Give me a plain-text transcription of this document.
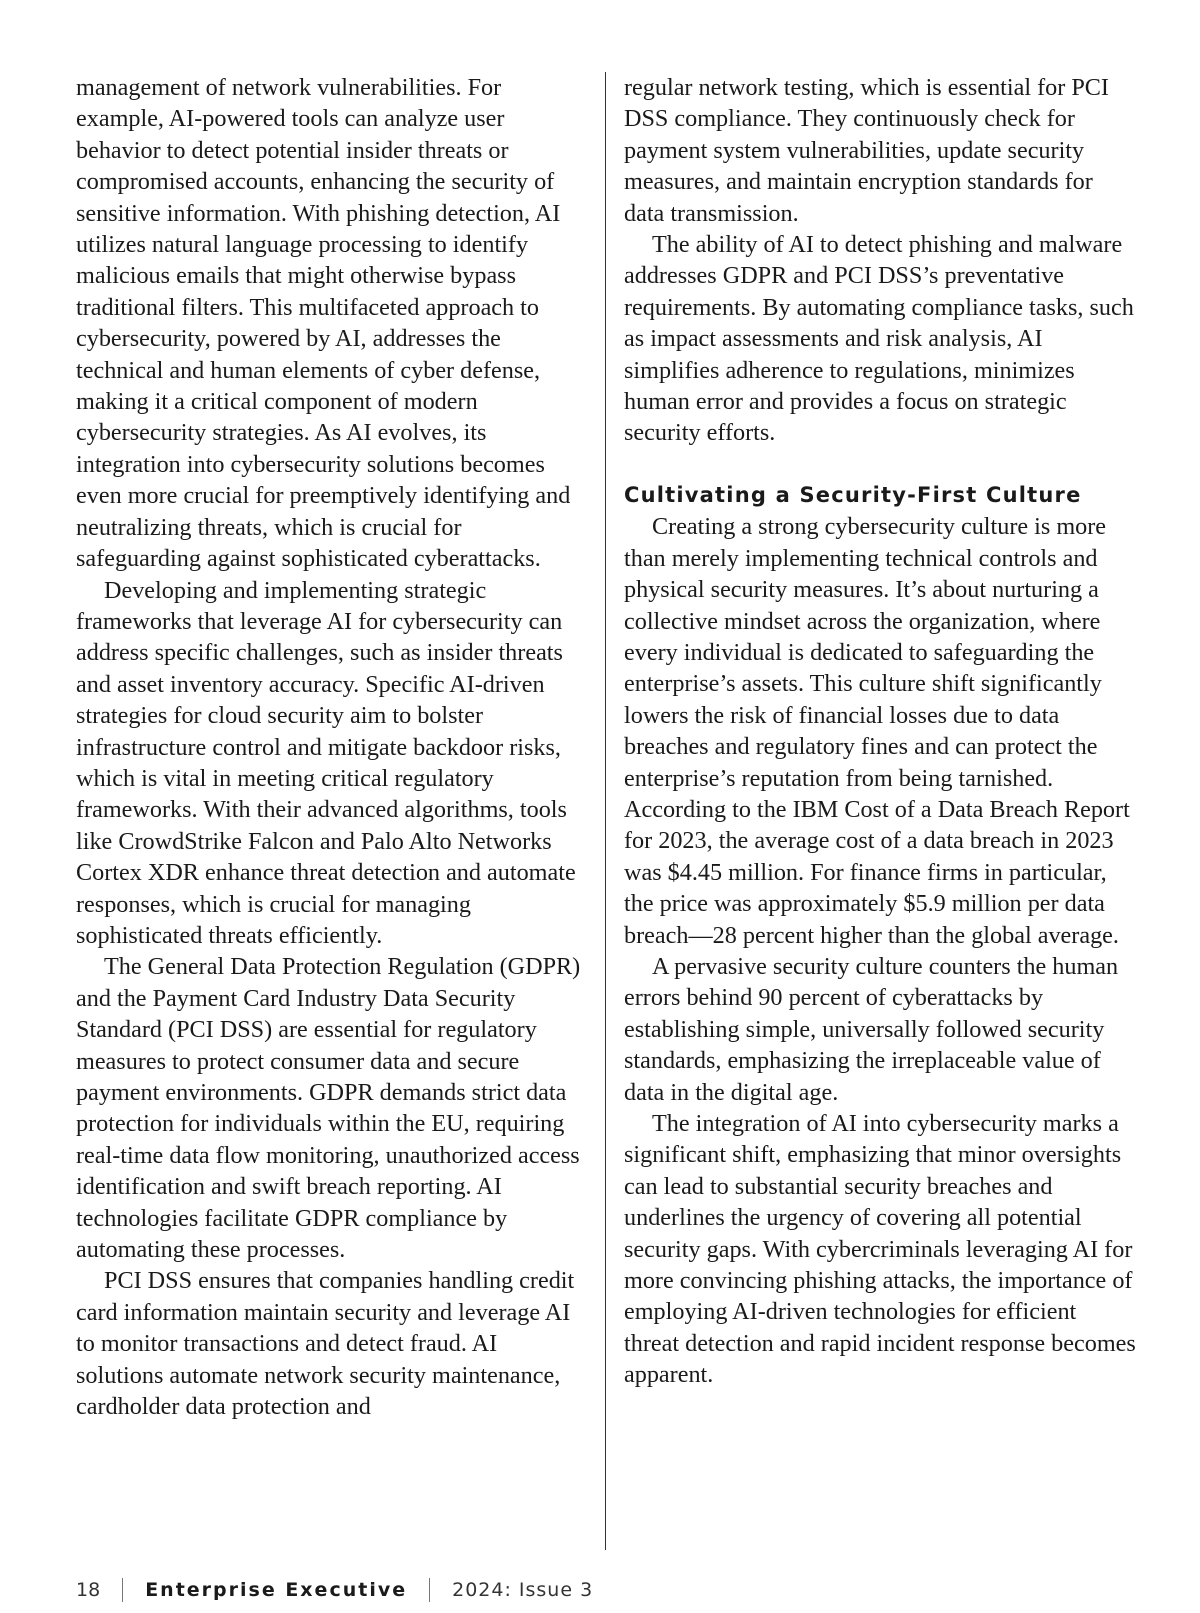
management of network vulnerabilities. For example, AI-powered tools can analyze user behavior to detect potential insider threats or compromised accounts, enhancing the security of sensitive information. With phishing detection, AI utilizes natural language processing to identify malicious emails that might otherwise bypass traditional filters. This multifaceted approach to cybersecurity, powered by AI, addresses the technical and human elements of cyber defense, making it a critical component of modern cybersecurity strategies. As AI evolves, its integration into cybersecurity solutions becomes even more crucial for preemptively identifying and neutralizing threats, which is crucial for safeguarding against sophisticated cyberattacks.

Developing and implementing strategic frameworks that leverage AI for cybersecurity can address specific challenges, such as insider threats and asset inventory accuracy. Specific AI-driven strategies for cloud security aim to bolster infrastructure control and mitigate backdoor risks, which is vital in meeting critical regulatory frameworks. With their advanced algorithms, tools like CrowdStrike Falcon and Palo Alto Networks Cortex XDR enhance threat detection and automate responses, which is crucial for managing sophisticated threats efficiently.

The General Data Protection Regulation (GDPR) and the Payment Card Industry Data Security Standard (PCI DSS) are essential for regulatory measures to protect consumer data and secure payment environments. GDPR demands strict data protection for individuals within the EU, requiring real-time data flow monitoring, unauthorized access identification and swift breach reporting. AI technologies facilitate GDPR compliance by automating these processes.

PCI DSS ensures that companies handling credit card information maintain security and leverage AI to monitor transactions and detect fraud. AI solutions automate network security maintenance, cardholder data protection and

regular network testing, which is essential for PCI DSS compliance. They continuously check for payment system vulnerabilities, update security measures, and maintain encryption standards for data transmission.

The ability of AI to detect phishing and malware addresses GDPR and PCI DSS’s preventative requirements. By automating compliance tasks, such as impact assessments and risk analysis, AI simplifies adherence to regulations, minimizes human error and provides a focus on strategic security efforts.

Cultivating a Security-First Culture

Creating a strong cybersecurity culture is more than merely implementing technical controls and physical security measures. It’s about nurturing a collective mindset across the organization, where every individual is dedicated to safeguarding the enterprise’s assets. This culture shift significantly lowers the risk of financial losses due to data breaches and regulatory fines and can protect the enterprise’s reputation from being tarnished. According to the IBM Cost of a Data Breach Report for 2023, the average cost of a data breach in 2023 was $4.45 million. For finance firms in particular, the price was approximately $5.9 million per data breach—28 percent higher than the global average.

A pervasive security culture counters the human errors behind 90 percent of cyberattacks by establishing simple, universally followed security standards, emphasizing the irreplaceable value of data in the digital age.

The integration of AI into cybersecurity marks a significant shift, emphasizing that minor oversights can lead to substantial security breaches and underlines the urgency of covering all potential security gaps. With cybercriminals leveraging AI for more convincing phishing attacks, the importance of employing AI-driven technologies for efficient threat detection and rapid incident response becomes apparent.

18 Enterprise Executive 2024: Issue 3
